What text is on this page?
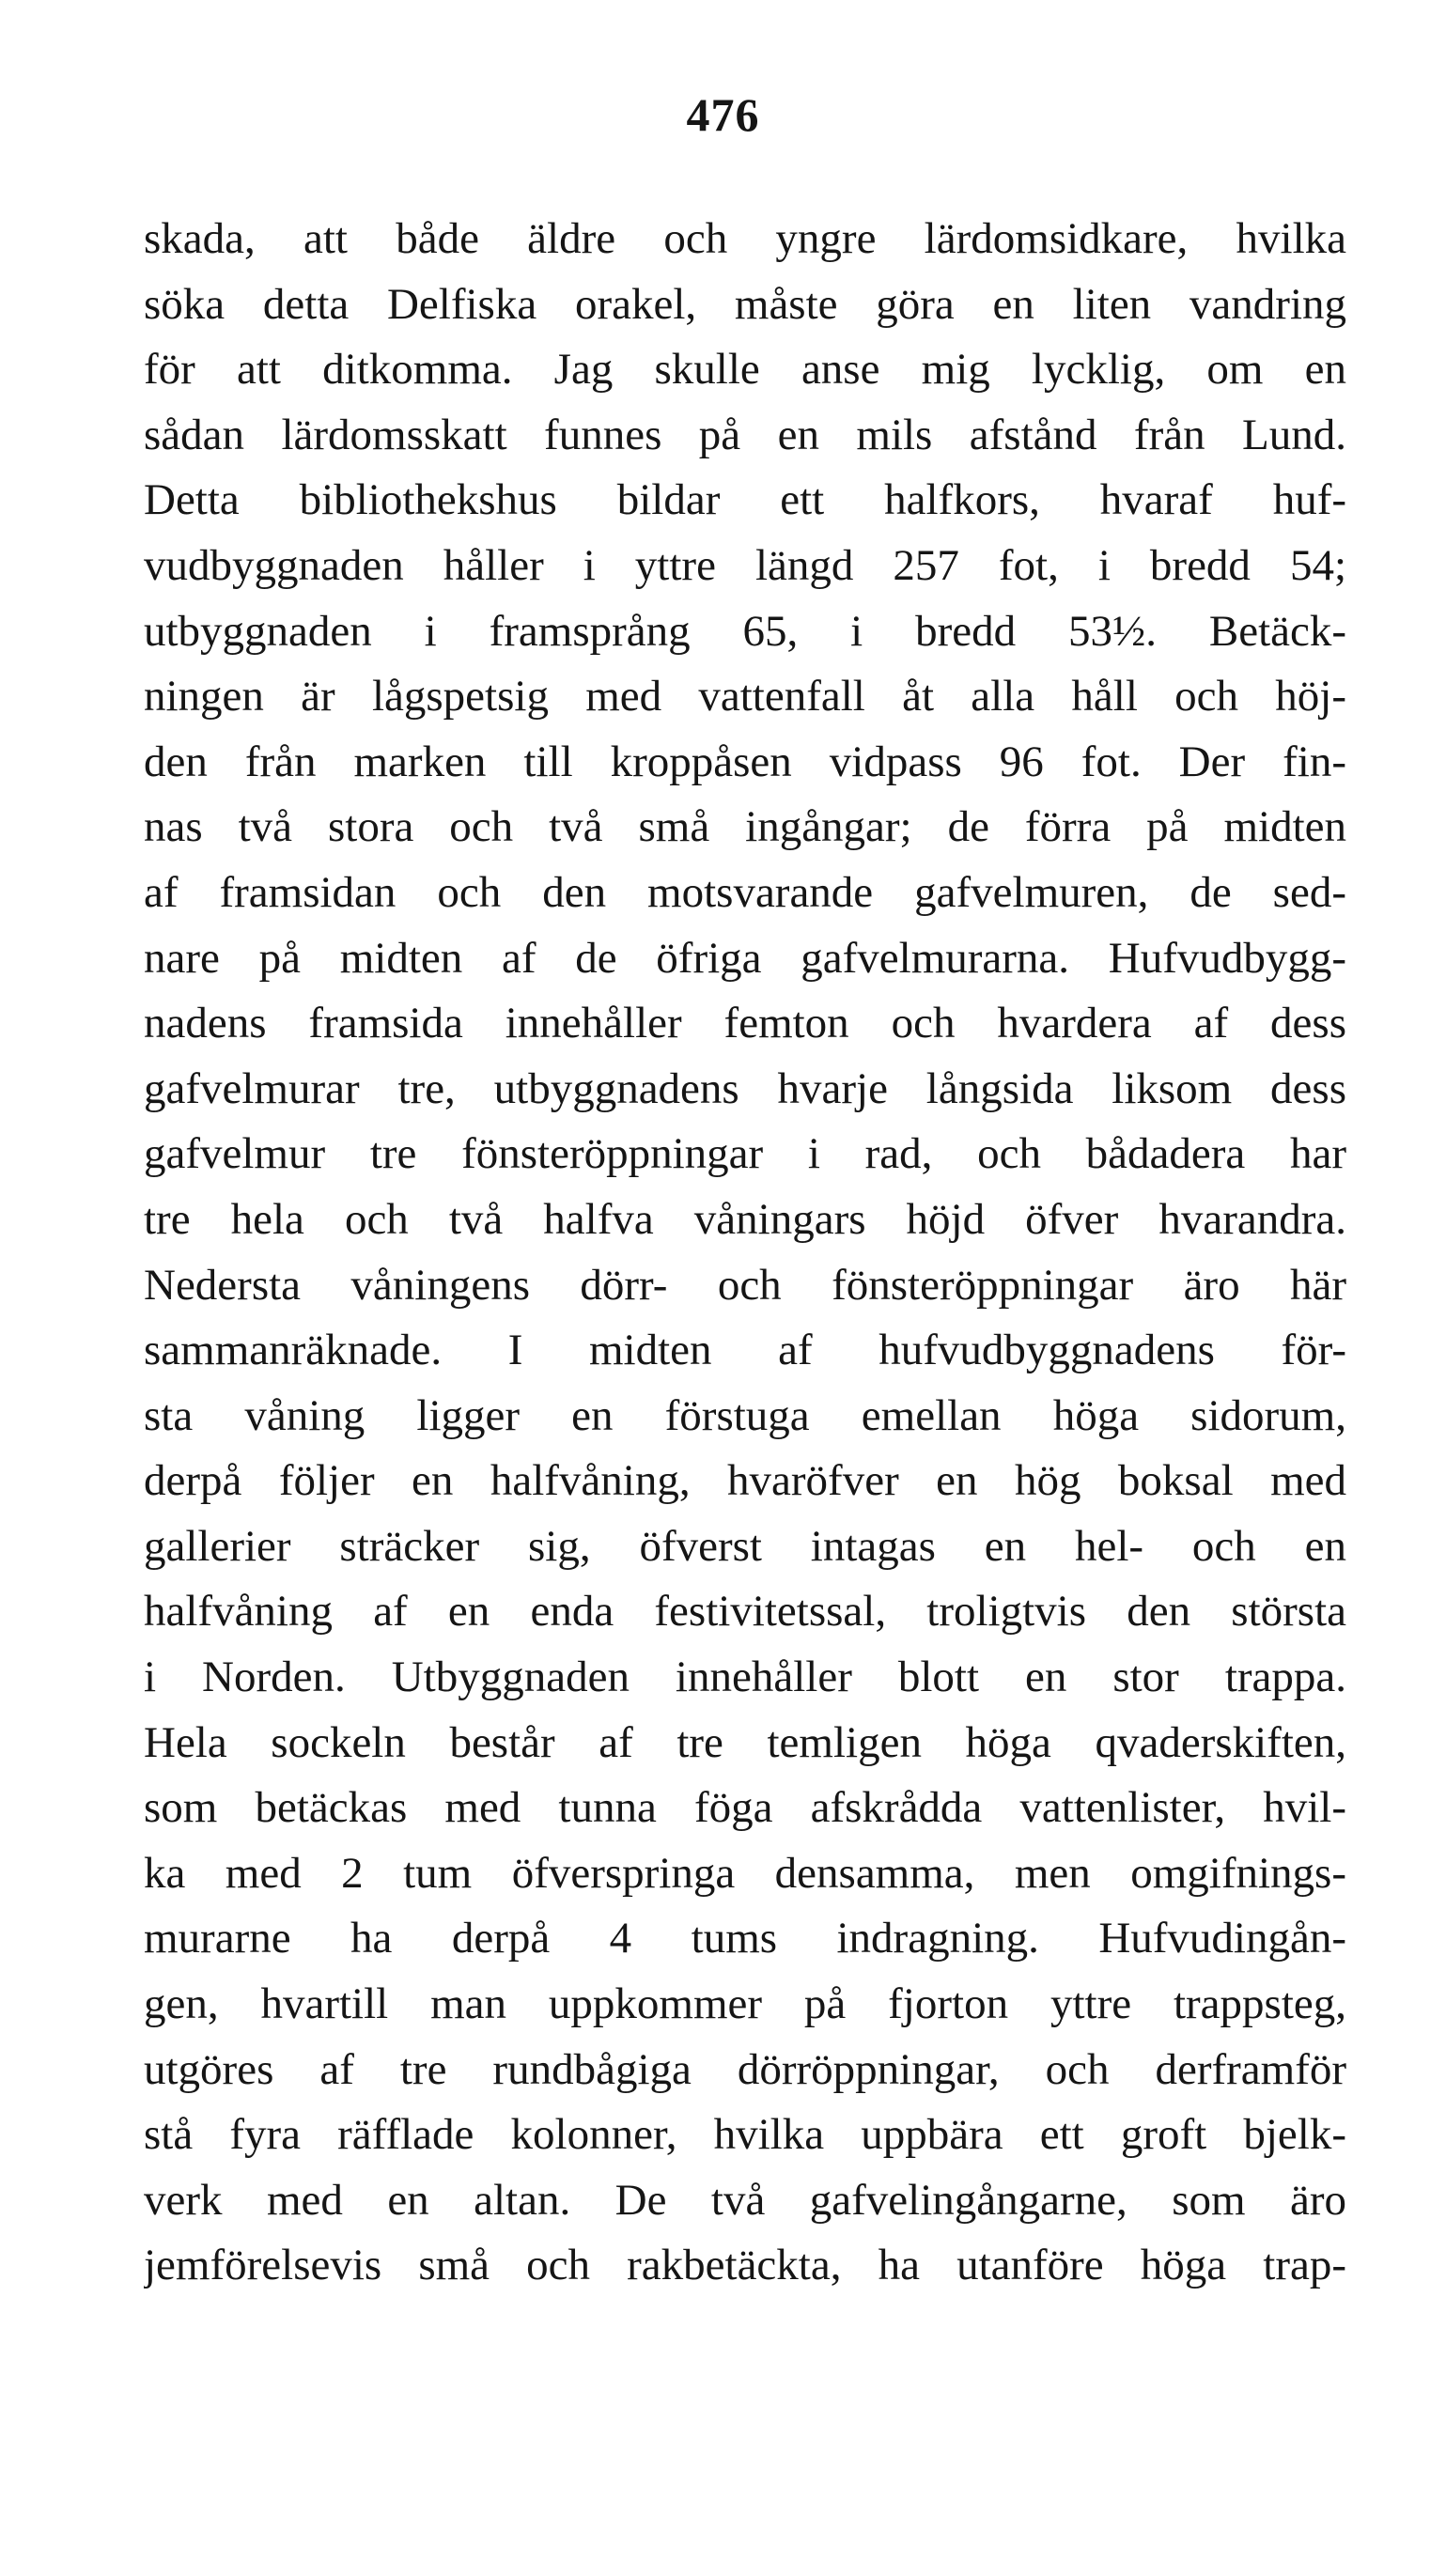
476
skada, att både äldre och yngre lärdomsidkare, hvilka
söka detta Delfiska orakel, måste göra en liten vandring
för att ditkomma. Jag skulle anse mig lycklig, om en
sådan lärdomsskatt funnes på en mils afstånd från Lund.
Detta bibliothekshus bildar ett halfkors, hvaraf huf-
vudbyggnaden håller i yttre längd 257 fot, i bredd 54;
utbyggnaden i framsprång 65, i bredd 53½. Betäck-
ningen är lågspetsig med vattenfall åt alla håll och höj-
den från marken till kroppåsen vidpass 96 fot. Der fin-
nas två stora och två små ingångar; de förra på midten
af framsidan och den motsvarande gafvelmuren, de sed-
nare på midten af de öfriga gafvelmurarna. Hufvudbygg-
nadens framsida innehåller femton och hvardera af dess
gafvelmurar tre, utbyggnadens hvarje långsida liksom dess
gafvelmur tre fönsteröppningar i rad, och bådadera har
tre hela och två halfva våningars höjd öfver hvarandra.
Nedersta våningens dörr- och fönsteröppningar äro här
sammanräknade. I midten af hufvudbyggnadens för-
sta våning ligger en förstuga emellan höga sidorum,
derpå följer en halfvåning, hvaröfver en hög boksal med
gallerier sträcker sig, öfverst intagas en hel- och en
halfvåning af en enda festivitetssal, troligtvis den största
i Norden. Utbyggnaden innehåller blott en stor trappa.
Hela sockeln består af tre temligen höga qvaderskiften,
som betäckas med tunna föga afskrådda vattenlister, hvil-
ka med 2 tum öfverspringa densamma, men omgifnings-
murarne ha derpå 4 tums indragning. Hufvudingån-
gen, hvartill man uppkommer på fjorton yttre trappsteg,
utgöres af tre rundbågiga dörröppningar, och derframför
stå fyra räfflade kolonner, hvilka uppbära ett groft bjelk-
verk med en altan. De två gafvelingångarne, som äro
jemförelsevis små och rakbetäckta, ha utanföre höga trap-
